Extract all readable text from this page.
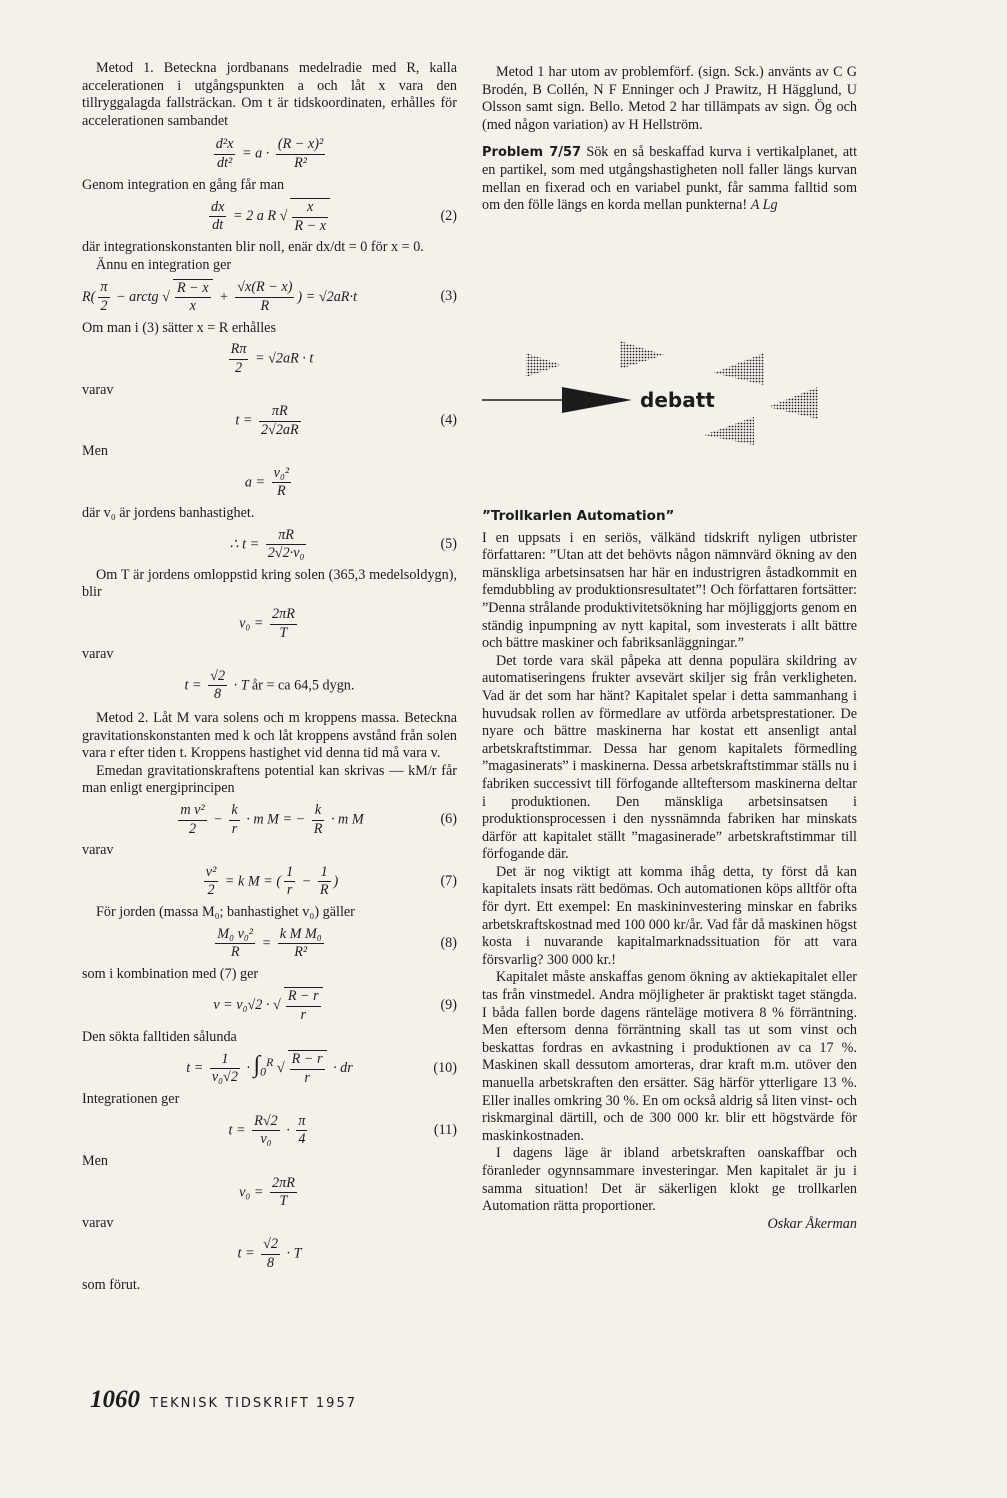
Metod 1. Beteckna jordbanans medelradie med R, kalla accelerationen i utgångspunkten a och låt x vara den tillryggalagda fallsträckan. Om t är tidskoordinaten, erhålles för accelerationen sambandet

$\frac{\text{d²x}}{\text{dt²}} = a \cdot \frac{\text{(R − x)²}}{\text{R²}}$

Genom integration en gång får man

$\frac{dx}{dt} = 2$ a R √ $\frac{x}{R - x}$	(2)

där integrationskonstanten blir noll, enär dx/dt = 0 för x = 0.

Ännu en integration ger

$R( \frac{\pi}{2}$ − arctg √ $\frac{R - x}{x} + \frac{√x(R - x)}{R}$ ) = √2aR·t	(3)

Om man i (3) sätter x = R erhålles

$\frac{R\pi}{2} = √2aR \cdot t$

varav

$t = \frac{\pi R}{2√2aR}$	(4)

Men

$a = \frac{\text{v₀²}}{R}$

där v₀ är jordens banhastighet.

∴ $t = \frac{\pi R}{\text{2√2·v₀}}$	(5)

Om T är jordens omloppstid kring solen (365,3 medelsoldygn), blir

$v_0 = \frac{2\pi R}{T}$

varav

$t = \frac{√2}{8} \cdot T$ år = ca 64,5 dygn.

Metod 2. Låt M vara solens och m kroppens massa. Beteckna gravitationskonstanten med k och låt kroppens avstånd från solen vara r efter tiden t. Kroppens hastighet vid denna tid må vara v.

Emedan gravitationskraftens potential kan skrivas — kM/r får man enligt energiprincipen

$\frac{\text{m v²}}{2} - \frac{k}{r} \cdot m$ M = − $\frac{k}{R} \cdot m$ M	(6)

varav

$\frac{\text{v²}}{2} = k$ M = ( $\frac{1}{r} - \frac{1}{R}$ )	(7)

För jorden (massa M₀; banhastighet v₀) gäller

$\frac{\text{M₀ v₀²}}{R} = \frac{\text{k M M₀}}{\text{R²}}$	(8)

som i kombination med (7) ger

v = v₀√2 · √ $\frac{R - r}{r}$	(9)

Den sökta falltiden sålunda

$t = \frac{1}{\text{v₀√2}} \cdot \int_0^R$ √ $\frac{R - r}{r}$ · dr	(10)

Integrationen ger

$t = \frac{R√2}{\text{v₀}} \cdot \frac{\pi}{4}$	(11)

Men

$v_0 = \frac{2\pi R}{T}$

varav

$t = \frac{√2}{8} \cdot T$

som förut.

Metod 1 har utom av problemförf. (sign. Sck.) använts av C G Brodén, B Collén, N F Enninger och J Prawitz, H Hägglund, U Olsson samt sign. Bello. Metod 2 har tillämpats av sign. Ög och (med någon variation) av H Hellström.

Problem 7/57 Sök en så beskaffad kurva i vertikalplanet, att en partikel, som med utgångshastigheten noll faller längs kurvan mellan en fixerad och en variabel punkt, får samma falltid som om den fölle längs en korda mellan punkterna! A Lg

debatt

”Trollkarlen Automation”

I en uppsats i en seriös, välkänd tidskrift nyligen utbrister författaren: ”Utan att det behövts någon nämnvärd ökning av den mänskliga arbetsinsatsen har här en industrigren åstadkommit en femdubbling av produktionsresultatet”! Och författaren fortsätter: ”Denna strålande produktivitetsökning har möjliggjorts genom en ständig inpumpning av nytt kapital, som investerats i allt bättre och bättre maskiner och fabriksanläggningar.”

Det torde vara skäl påpeka att denna populära skildring av automatiseringens frukter avsevärt skiljer sig från verkligheten. Vad är det som har hänt? Kapitalet spelar i detta sammanhang i huvudsak rollen av förmedlare av utförda arbetsprestationer. De nyare och bättre maskinerna har kostat ett ansenligt antal arbetskraftstimmar. Dessa har genom kapitalets förmedling ”magasinerats” i maskinerna. Dessa arbetskraftstimmar ställs nu i fabriken successivt till förfogande allteftersom maskinerna deltar i produktionen. Den mänskliga arbetsinsatsen i produktionsprocessen i den nyssnämnda fabriken har minskats därför att kapitalet ställt ”magasinerade” arbetskraftstimmar till förfogande där.

Det är nog viktigt att komma ihåg detta, ty först då kan kapitalets insats rätt bedömas. Och automationen köps alltför ofta för dyrt. Ett exempel: En maskininvestering minskar en fabriks arbetskraftskostnad med 100 000 kr/år. Vad får då maskinen högst kosta i nuvarande kapitalmarknadssituation för att vara försvarlig? 300 000 kr.!

Kapitalet måste anskaffas genom ökning av aktiekapitalet eller tas från vinstmedel. Andra möjligheter är praktiskt taget stängda. I båda fallen borde dagens ränteläge motivera 8 % förräntning. Men eftersom denna förräntning skall tas ut som vinst och beskattas fordras en avkastning i produktionen av ca 17 %. Maskinen skall dessutom amorteras, drar kraft m.m. utöver den manuella arbetskraften den ersätter. Säg härför ytterligare 13 %. Eller inalles omkring 30 %. En om också aldrig så liten vinst- och riskmarginal därtill, och de 300 000 kr. blir ett högstvärde för maskinkostnaden.

I dagens läge är ibland arbetskraften oanskaffbar och föranleder ogynnsammare investeringar. Men kapitalet är ju i samma situation! Det är säkerligen klokt ge trollkarlen Automation rätta proportioner.

Oskar Åkerman

1060 TEKNISK TIDSKRIFT 1957
